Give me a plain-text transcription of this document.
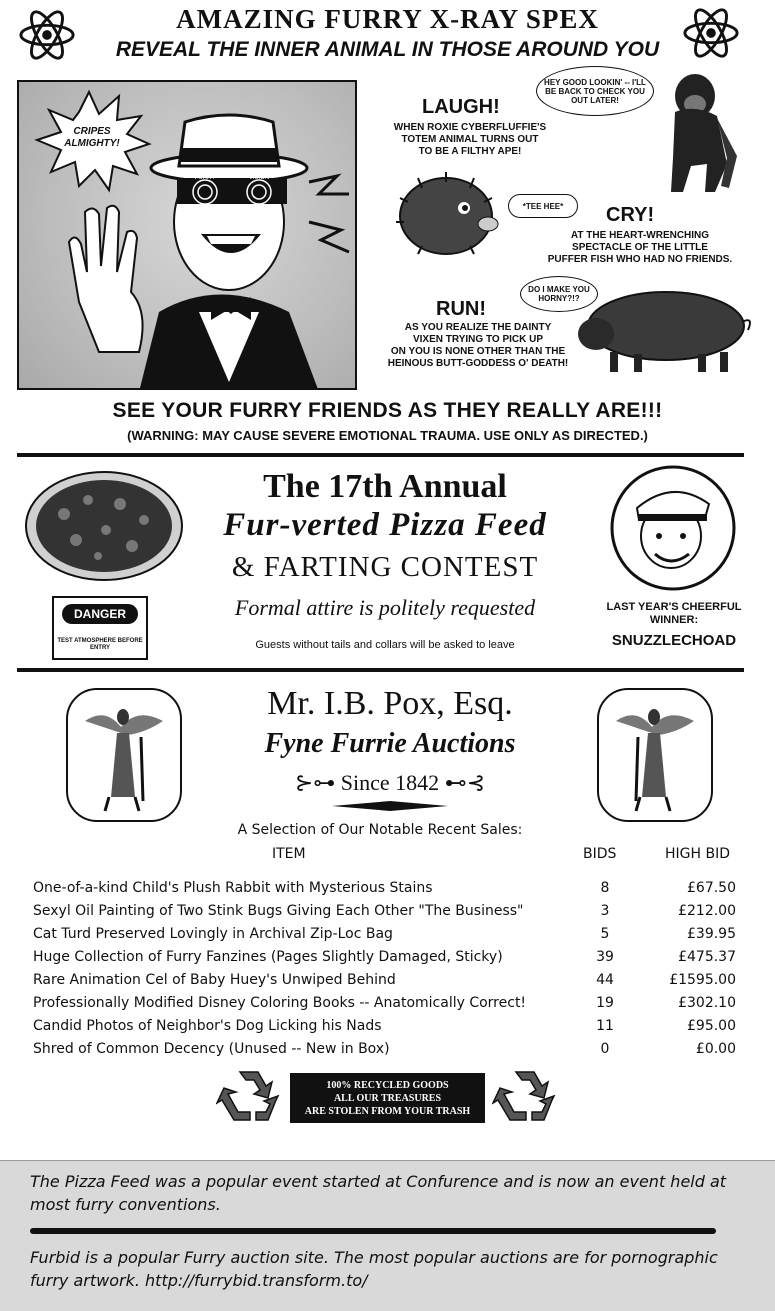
AMAZING FURRY X-RAY SPEX
REVEAL THE INNER ANIMAL IN THOSE AROUND YOU
CRIPES ALMIGHTY!
FURRY	VISION
LAUGH!
WHEN ROXIE CYBERFLUFFIE'S
TOTEM ANIMAL TURNS OUT
TO BE A FILTHY APE!
HEY GOOD LOOKIN' -- I'LL BE BACK TO CHECK YOU OUT LATER!
*TEE HEE*	CRY!
AT THE HEART-WRENCHING
SPECTACLE OF THE LITTLE
PUFFER FISH WHO HAD NO FRIENDS.
DO I MAKE YOU HORNY?!?
RUN!
AS YOU REALIZE THE DAINTY
VIXEN TRYING TO PICK UP
ON YOU IS NONE OTHER THAN THE
HEINOUS BUTT-GODDESS O' DEATH!
SEE YOUR FURRY FRIENDS AS THEY REALLY ARE!!!
(WARNING: MAY CAUSE SEVERE EMOTIONAL TRAUMA. USE ONLY AS DIRECTED.)
The 17th Annual
Fur-verted Pizza Feed
& FARTING CONTEST
Formal attire is politely requested
Guests without tails and collars will be asked to leave
DANGER
TEST ATMOSPHERE BEFORE ENTRY
LAST YEAR'S CHEERFUL WINNER:
SNUZZLECHOAD
Mr. I.B. Pox, Esq.
Fyne Furrie Auctions
⊱⊶ Since 1842 ⊷⊰
A Selection of Our Notable Recent Sales:
ITEM	BIDS	HIGH BID
One-of-a-kind Child's Plush Rabbit with Mysterious Stains	8	£67.50
Sexyl Oil Painting of Two Stink Bugs Giving Each Other "The Business"	3	£212.00
Cat Turd Preserved Lovingly in Archival Zip-Loc Bag	5	£39.95
Huge Collection of Furry Fanzines (Pages Slightly Damaged, Sticky)	39	£475.37
Rare Animation Cel of Baby Huey's Unwiped Behind	44	£1595.00
Professionally Modified Disney Coloring Books -- Anatomically Correct!	19	£302.10
Candid Photos of Neighbor's Dog Licking his Nads	11	£95.00
Shred of Common Decency (Unused -- New in Box)	0	£0.00
100% RECYCLED GOODS
ALL OUR TREASURES
ARE STOLEN FROM YOUR TRASH
The Pizza Feed was a popular event started at Confurence and is now an event held at most furry conventions.
Furbid is a popular Furry auction site. The most popular auctions are for pornographic furry artwork. http://furrybid.transform.to/
